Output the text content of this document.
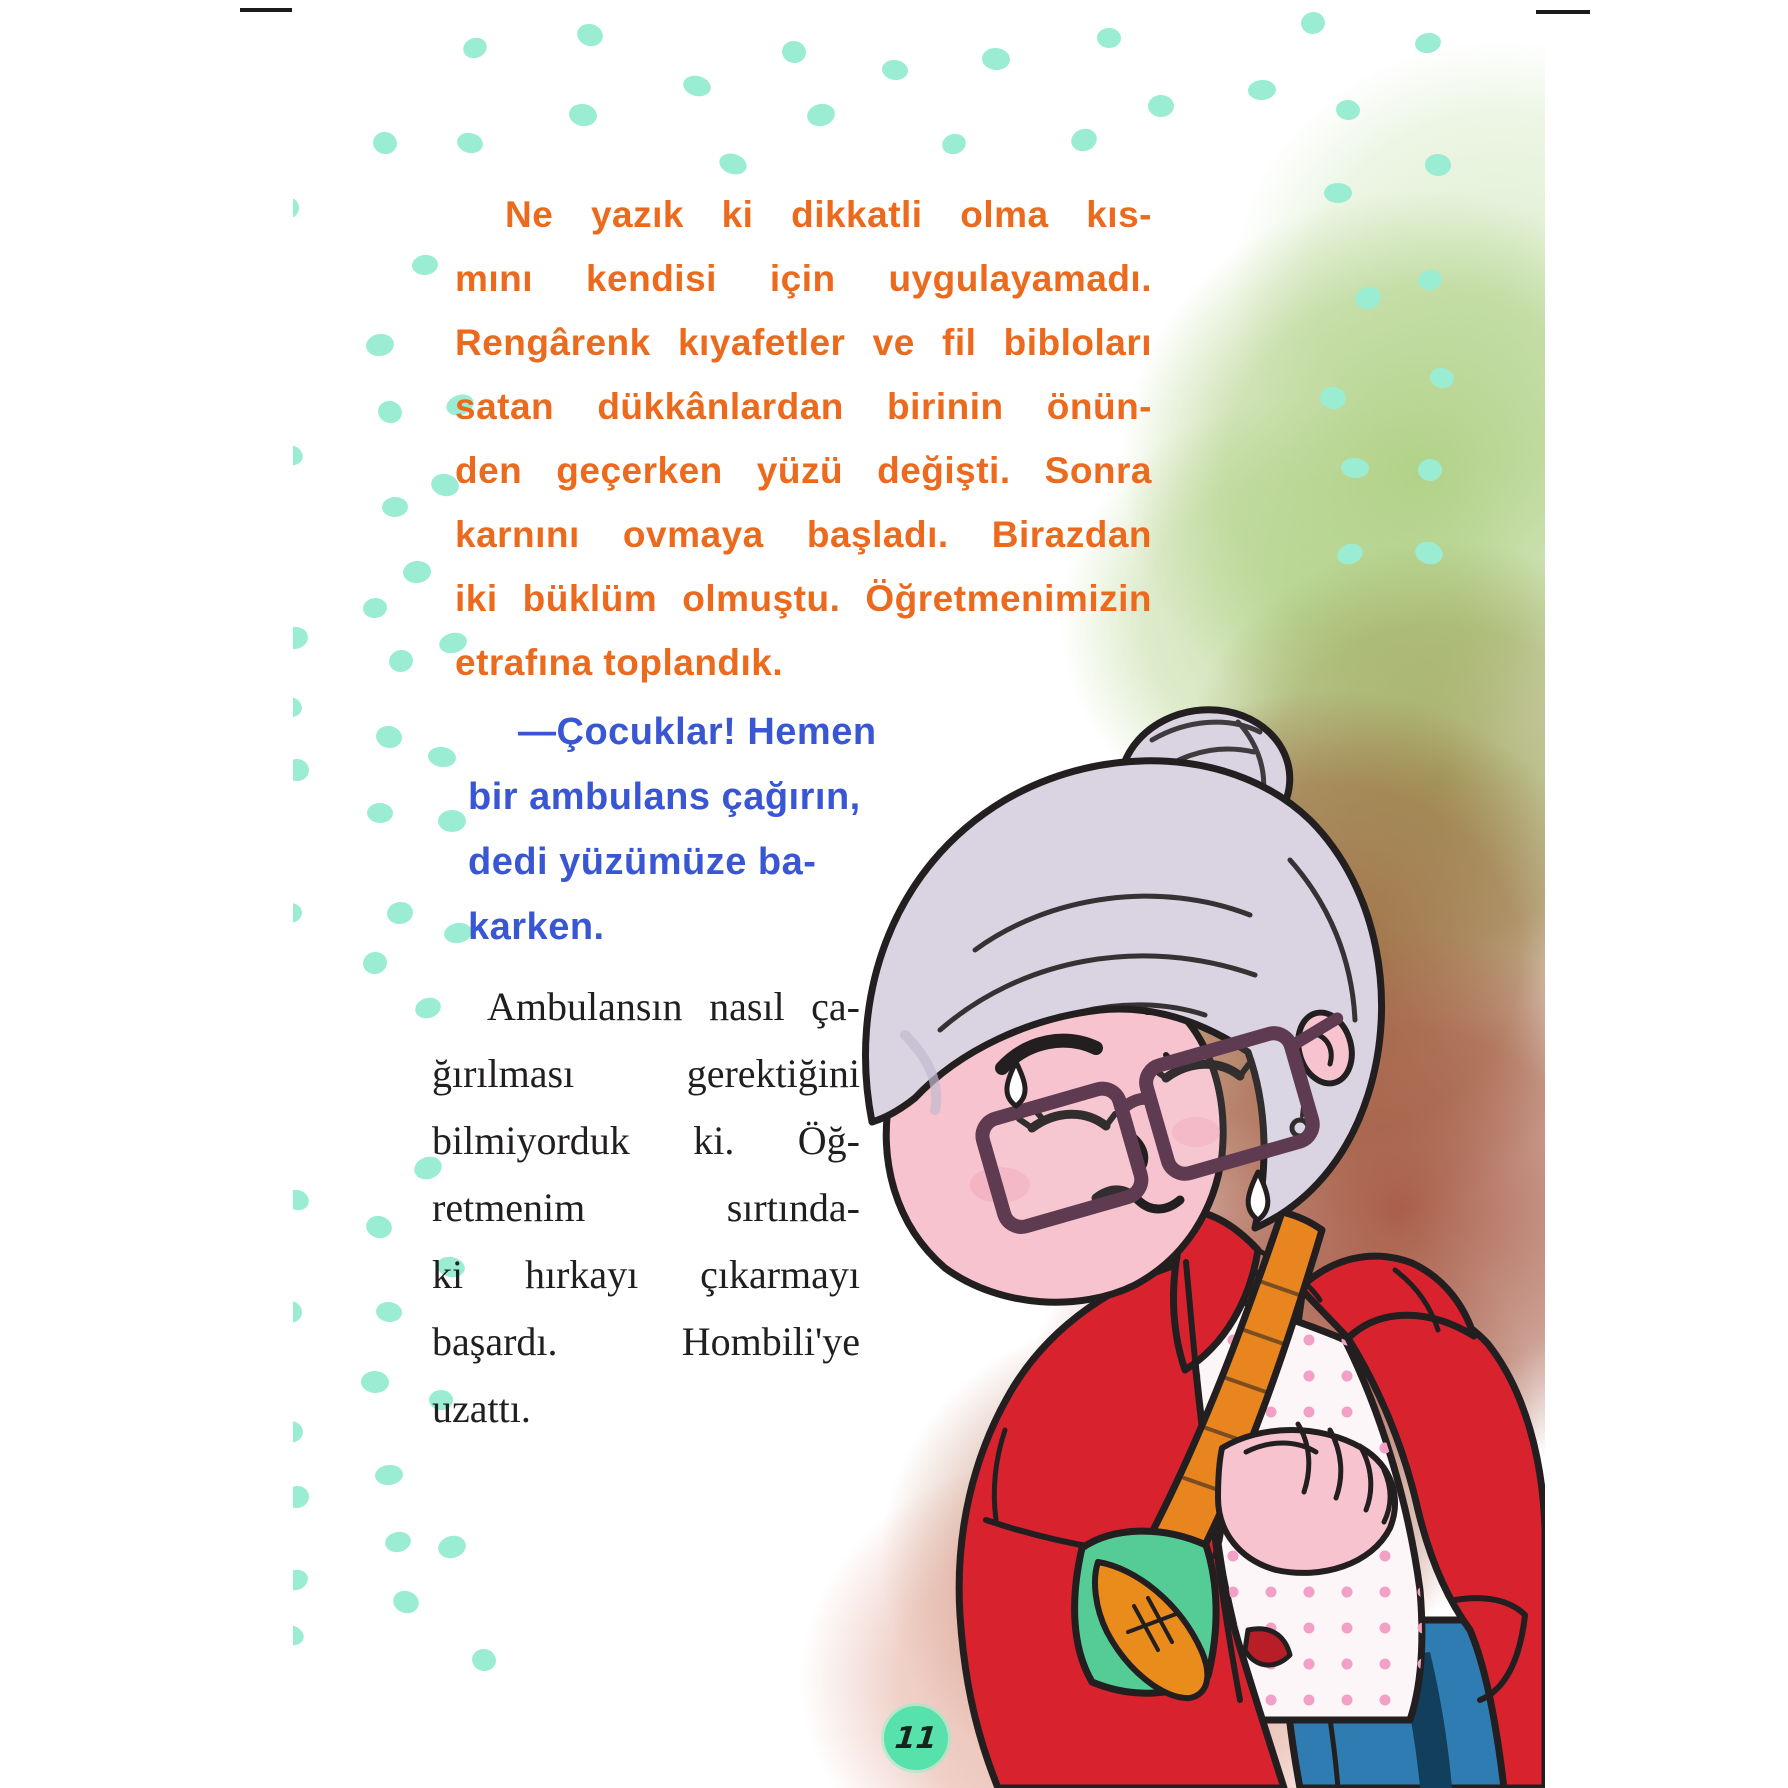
Ne yazık ki dikkatli olma kıs-
mını kendisi için uygulayamadı.
Rengârenk kıyafetler ve fil bibloları
satan dükkânlardan birinin önün-
den geçerken yüzü değişti. Sonra
karnını ovmaya başladı. Birazdan
iki büklüm olmuştu. Öğretmenimizin
etrafına toplandık.
—Çocuklar! Hemen
bir ambulans çağırın,
dedi yüzümüze ba-
karken.
Ambulansın nasıl ça-
ğırılması gerektiğini
bilmiyorduk ki. Öğ-
retmenim sırtında-
ki hırkayı çıkarmayı
başardı. Hombili'ye
uzattı.
11
